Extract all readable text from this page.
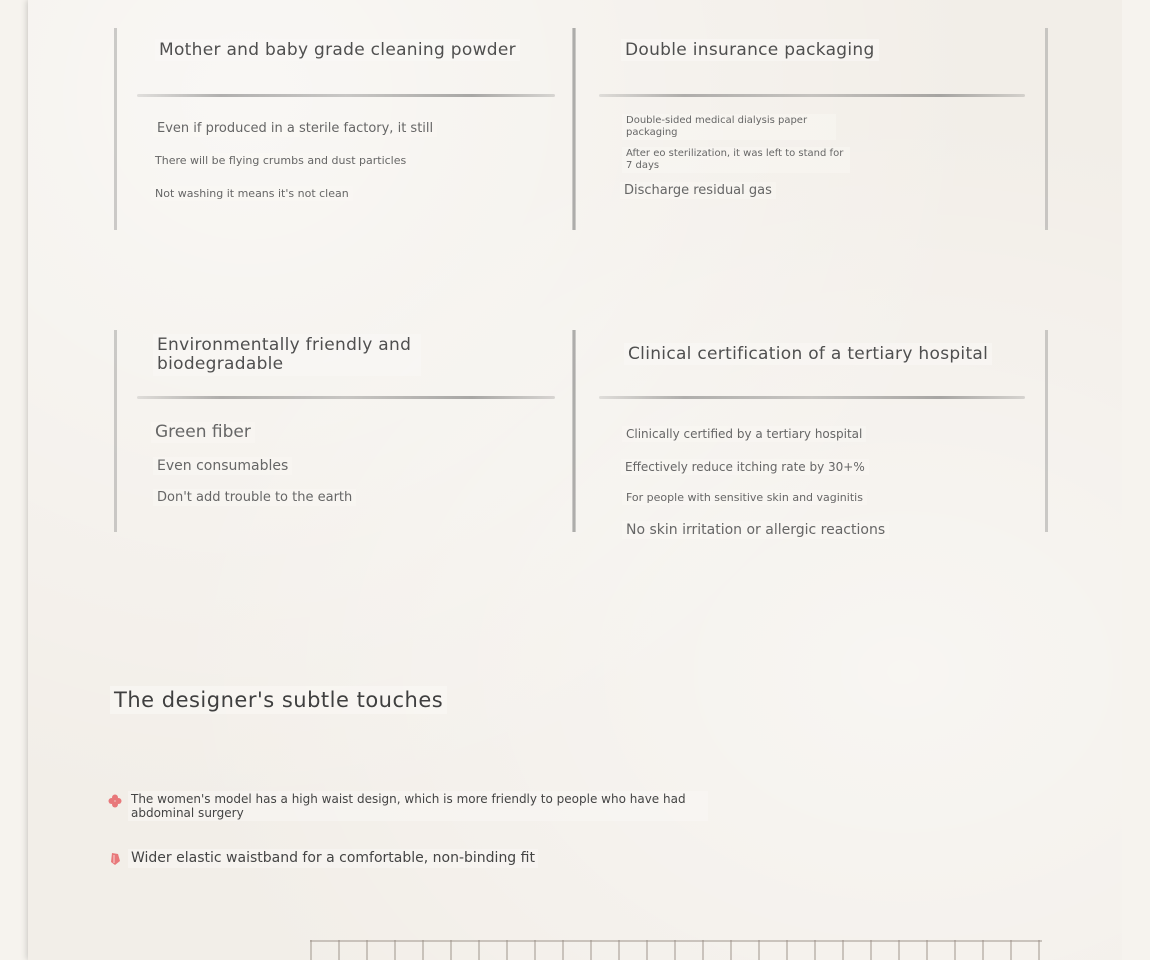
Mother and baby grade cleaning powder
Even if produced in a sterile factory, it still
There will be flying crumbs and dust particles
Not washing it means it's not clean
Double insurance packaging
Double-sided medical dialysis paper packaging
After eo sterilization, it was left to stand for 7 days
Discharge residual gas
Environmentally friendly and biodegradable
Green fiber
Even consumables
Don't add trouble to the earth
Clinical certification of a tertiary hospital
Clinically certified by a tertiary hospital
Effectively reduce itching rate by 30+%
For people with sensitive skin and vaginitis
No skin irritation or allergic reactions
The designer's subtle touches
The women's model has a high waist design, which is more friendly to people who have had abdominal surgery
Wider elastic waistband for a comfortable, non-binding fit
